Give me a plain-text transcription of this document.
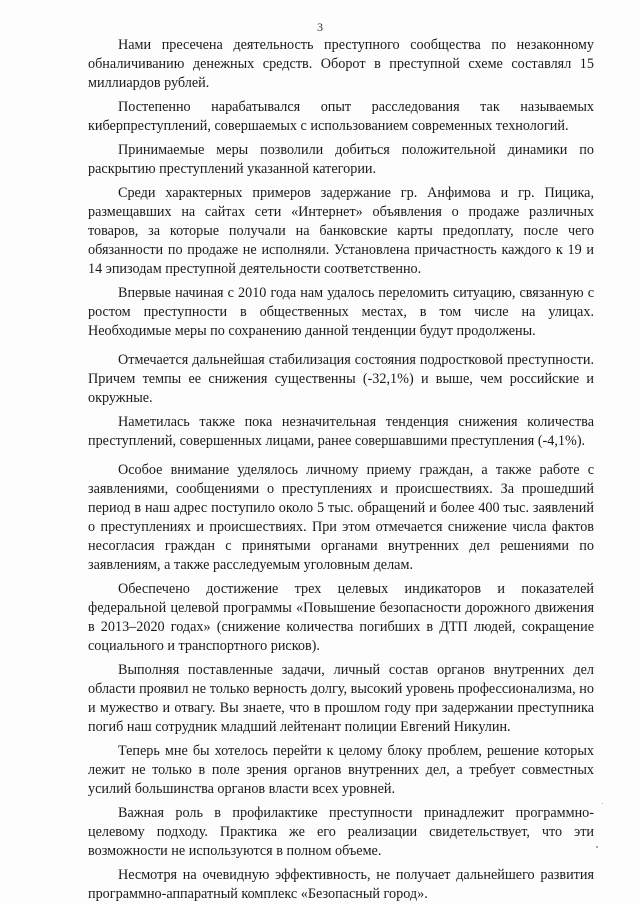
3

Нами пресечена деятельность преступного сообщества по незаконному обналичиванию денежных средств. Оборот в преступной схеме составлял 15 миллиардов рублей.

Постепенно нарабатывался опыт расследования так называемых киберпреступлений, совершаемых с использованием современных технологий.

Принимаемые меры позволили добиться положительной динамики по раскрытию преступлений указанной категории.

Среди характерных примеров задержание гр. Анфимова и гр. Пицика, размещавших на сайтах сети «Интернет» объявления о продаже различных товаров, за которые получали на банковские карты предоплату, после чего обязанности по продаже не исполняли. Установлена причастность каждого к 19 и 14 эпизодам преступной деятельности соответственно.

Впервые начиная с 2010 года нам удалось переломить ситуацию, связанную с ростом преступности в общественных местах, в том числе на улицах. Необходимые меры по сохранению данной тенденции будут продолжены.

Отмечается дальнейшая стабилизация состояния подростковой преступности. Причем темпы ее снижения существенны (-32,1%) и выше, чем российские и окружные.

Наметилась также пока незначительная тенденция снижения количества преступлений, совершенных лицами, ранее совершавшими преступления (-4,1%).

Особое внимание уделялось личному приему граждан, а также работе с заявлениями, сообщениями о преступлениях и происшествиях. За прошедший период в наш адрес поступило около 5 тыс. обращений и более 400 тыс. заявлений о преступлениях и происшествиях. При этом отмечается снижение числа фактов несогласия граждан с принятыми органами внутренних дел решениями по заявлениям, а также расследуемым уголовным делам.

Обеспечено достижение трех целевых индикаторов и показателей федеральной целевой программы «Повышение безопасности дорожного движения в 2013–2020 годах» (снижение количества погибших в ДТП людей, сокращение социального и транспортного рисков).

Выполняя поставленные задачи, личный состав органов внутренних дел области проявил не только верность долгу, высокий уровень профессионализма, но и мужество и отвагу. Вы знаете, что в прошлом году при задержании преступника погиб наш сотрудник младший лейтенант полиции Евгений Никулин.

Теперь мне бы хотелось перейти к целому блоку проблем, решение которых лежит не только в поле зрения органов внутренних дел, а требует совместных усилий большинства органов власти всех уровней.

Важная роль в профилактике преступности принадлежит программно-целевому подходу. Практика же его реализации свидетельствует, что эти возможности не используются в полном объеме.

Несмотря на очевидную эффективность, не получает дальнейшего развития программно-аппаратный комплекс «Безопасный город».
